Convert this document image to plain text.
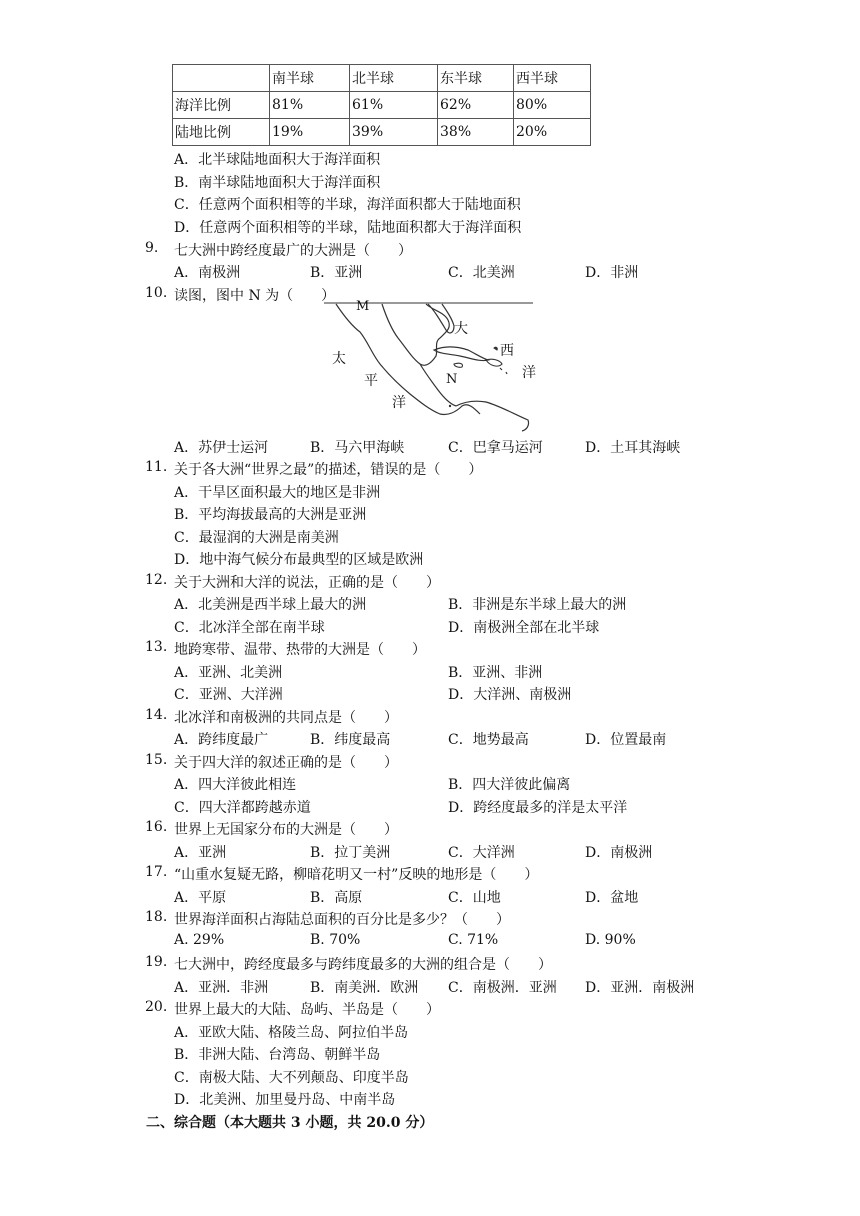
	南半球	北半球	东半球	西半球
海洋比例	81%	61%	62%	80%
陆地比例	19%	39%	38%	20%
A．北半球陆地面积大于海洋面积
B．南半球陆地面积大于海洋面积
C．任意两个面积相等的半球，海洋面积都大于陆地面积
D．任意两个面积相等的半球，陆地面积都大于海洋面积
9. 七大洲中跨经度最广的大洲是（　　）
A．南极洲	B．亚洲	C．北美洲	D．非洲
10. 读图，图中 N 为（　　）
M
大
西
洋
太
平
洋
N
A．苏伊士运河	B．马六甲海峡	C．巴拿马运河	D．土耳其海峡
11. 关于各大洲“世界之最”的描述，错误的是（　　）
A．干旱区面积最大的地区是非洲
B．平均海拔最高的大洲是亚洲
C．最湿润的大洲是南美洲
D．地中海气候分布最典型的区域是欧洲
12. 关于大洲和大洋的说法，正确的是（　　）
A．北美洲是西半球上最大的洲	B．非洲是东半球上最大的洲
C．北冰洋全部在南半球	D．南极洲全部在北半球
13. 地跨寒带、温带、热带的大洲是（　　）
A．亚洲、北美洲	B．亚洲、非洲
C．亚洲、大洋洲	D．大洋洲、南极洲
14. 北冰洋和南极洲的共同点是（　　）
A．跨纬度最广	B．纬度最高	C．地势最高	D．位置最南
15. 关于四大洋的叙述正确的是（　　）
A．四大洋彼此相连	B．四大洋彼此偏离
C．四大洋都跨越赤道	D．跨经度最多的洋是太平洋
16. 世界上无国家分布的大洲是（　　）
A．亚洲	B．拉丁美洲	C．大洋洲	D．南极洲
17. “山重水复疑无路，柳暗花明又一村”反映的地形是（　　）
A．平原	B．高原	C．山地	D．盆地
18. 世界海洋面积占海陆总面积的百分比是多少？（　　）
A. 29%	B. 70%	C. 71%	D. 90%
19. 七大洲中，跨经度最多与跨纬度最多的大洲的组合是（　　）
A．亚洲．非洲	B．南美洲．欧洲 C．南极洲．亚洲 D．亚洲．南极洲
20. 世界上最大的大陆、岛屿、半岛是（　　）
A．亚欧大陆、格陵兰岛、阿拉伯半岛
B．非洲大陆、台湾岛、朝鲜半岛
C．南极大陆、大不列颠岛、印度半岛
D．北美洲、加里曼丹岛、中南半岛
二、综合题（本大题共 3 小题，共 20.0 分）
